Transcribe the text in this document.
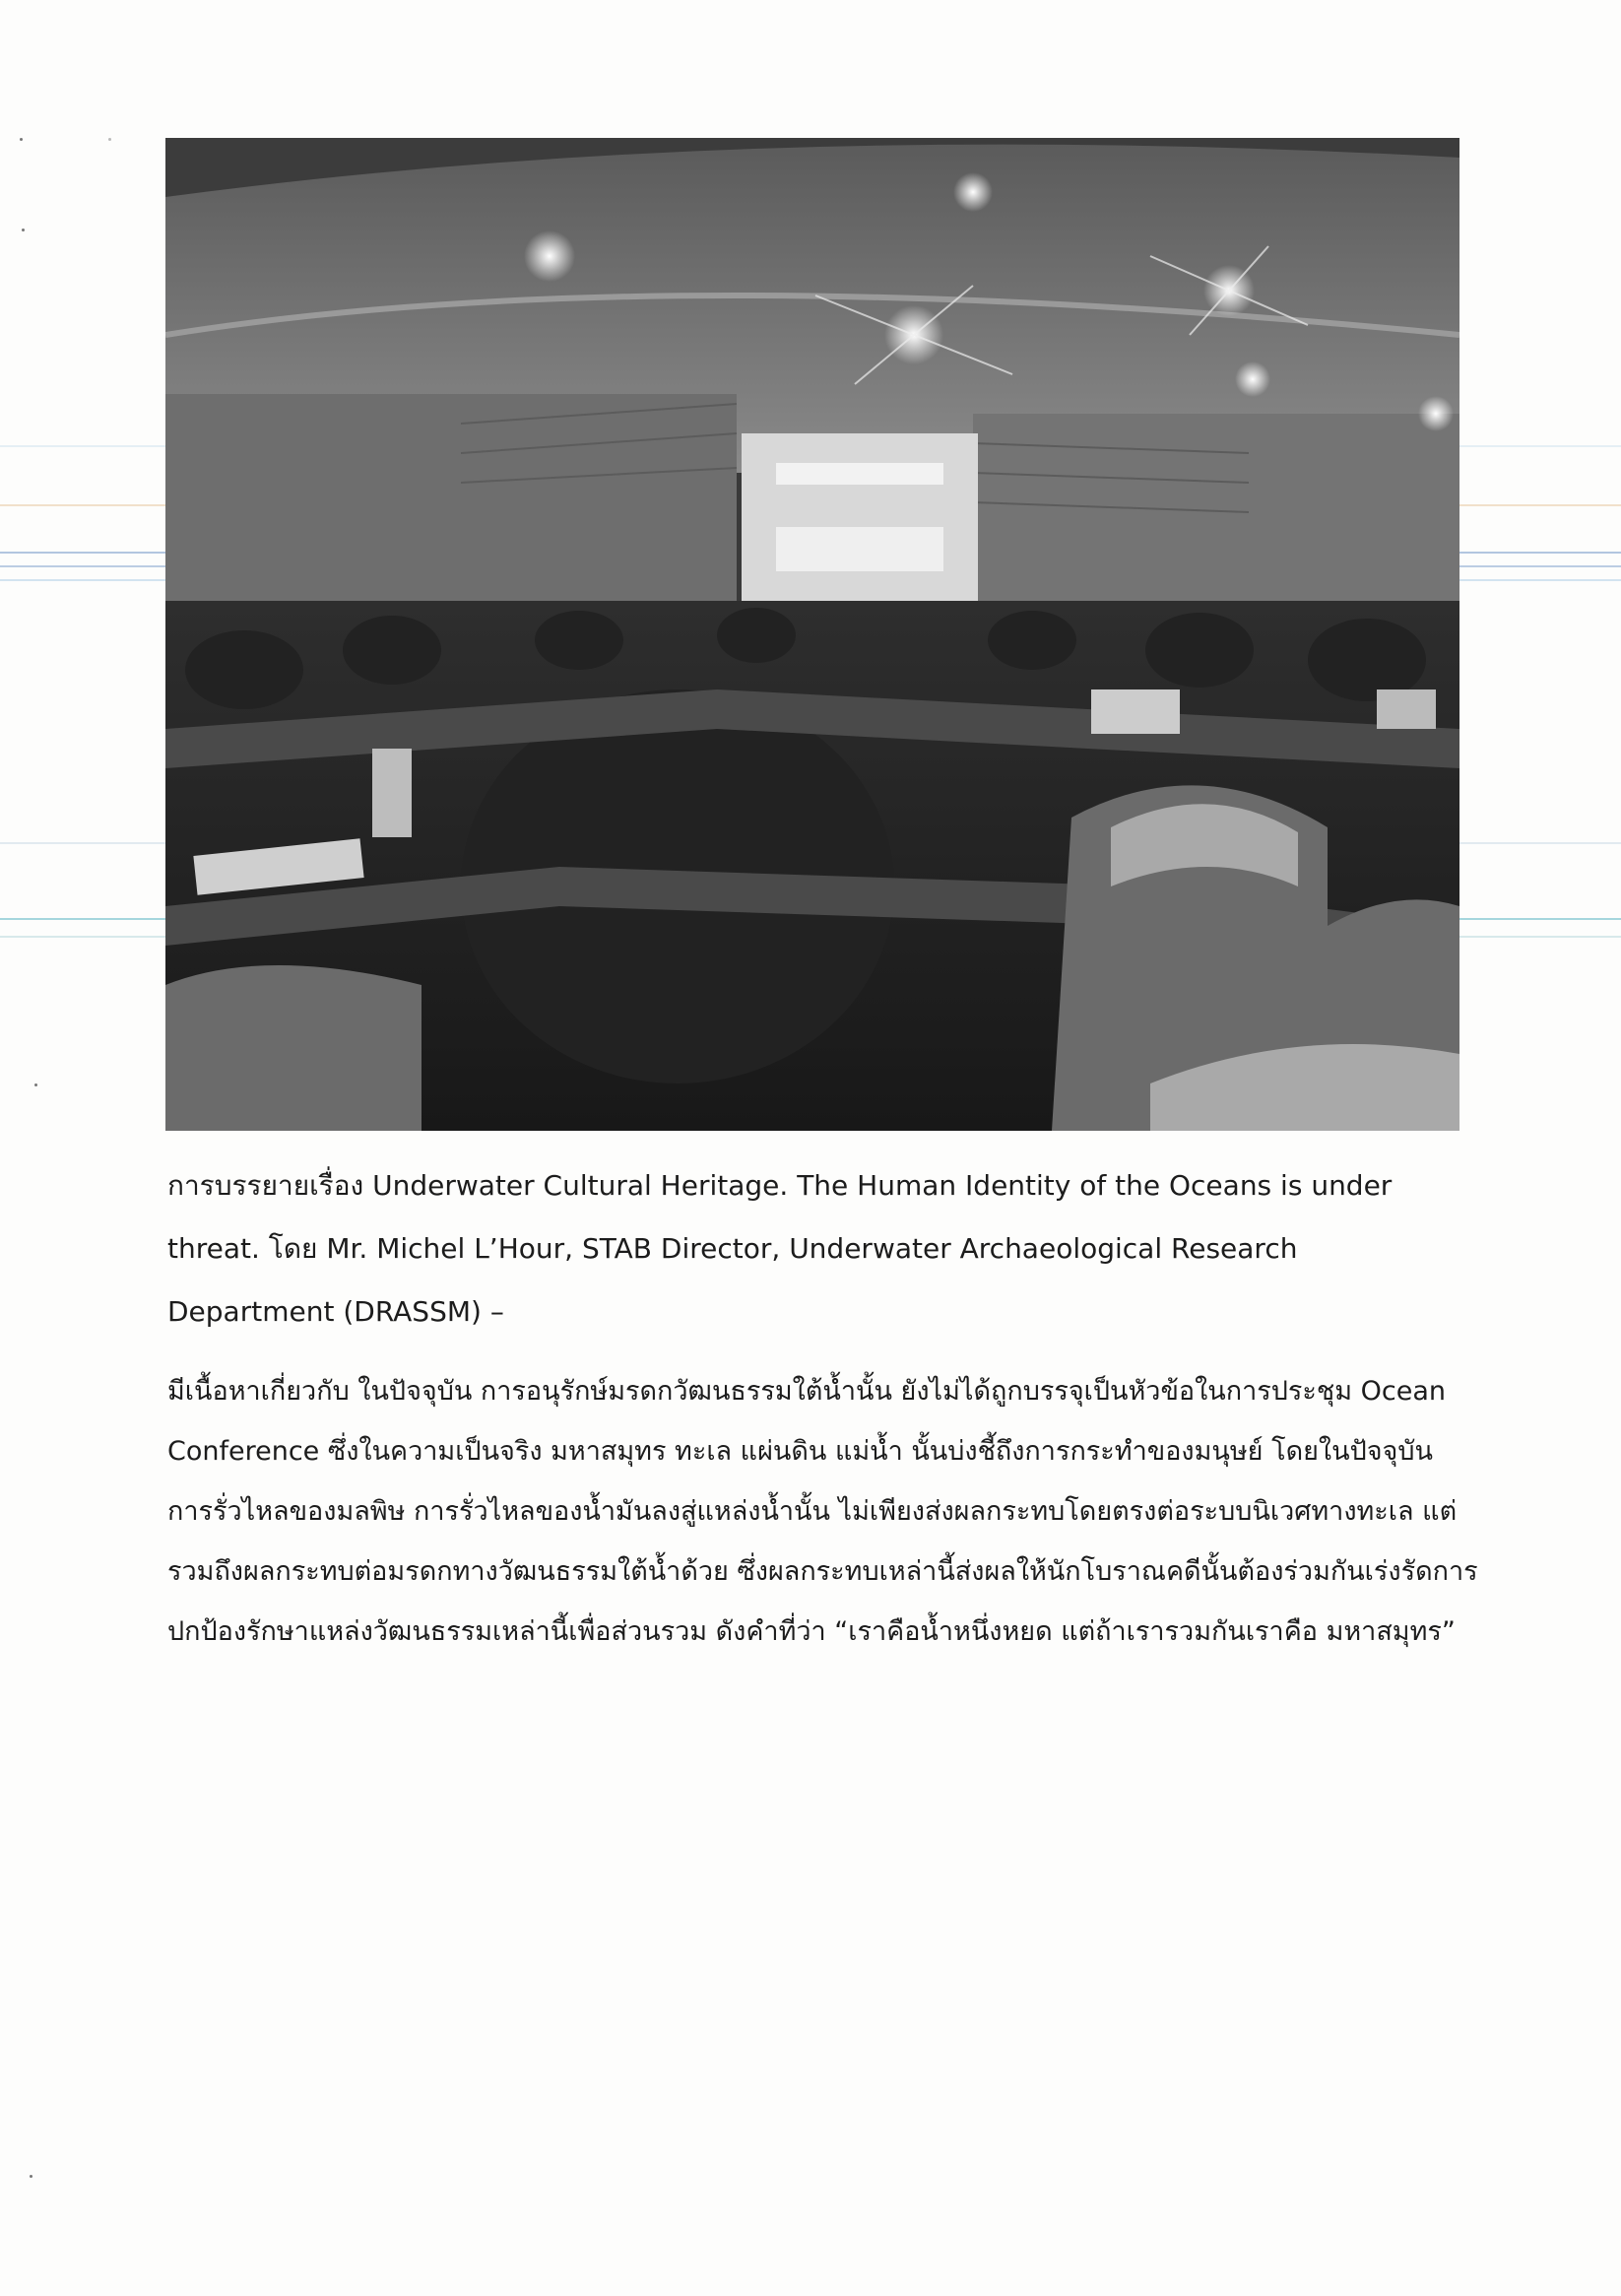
การบรรยายเรื่อง Underwater Cultural Heritage. The Human Identity of the Oceans is under
threat. โดย Mr. Michel L’Hour, STAB Director, Underwater Archaeological Research
Department (DRASSM) –

มีเนื้อหาเกี่ยวกับ ในปัจจุบัน การอนุรักษ์มรดกวัฒนธรรมใต้น้ำนั้น ยังไม่ได้ถูกบรรจุเป็นหัวข้อในการประชุม Ocean
Conference ซึ่งในความเป็นจริง มหาสมุทร ทะเล แผ่นดิน แม่น้ำ นั้นบ่งชี้ถึงการกระทำของมนุษย์ โดยในปัจจุบัน
การรั่วไหลของมลพิษ การรั่วไหลของน้ำมันลงสู่แหล่งน้ำนั้น ไม่เพียงส่งผลกระทบโดยตรงต่อระบบนิเวศทางทะเล แต่
รวมถึงผลกระทบต่อมรดกทางวัฒนธรรมใต้น้ำด้วย ซึ่งผลกระทบเหล่านี้ส่งผลให้นักโบราณคดีนั้นต้องร่วมกันเร่งรัดการ
ปกป้องรักษาแหล่งวัฒนธรรมเหล่านี้เพื่อส่วนรวม ดังคำที่ว่า “เราคือน้ำหนึ่งหยด แต่ถ้าเรารวมกันเราคือ มหาสมุทร”
